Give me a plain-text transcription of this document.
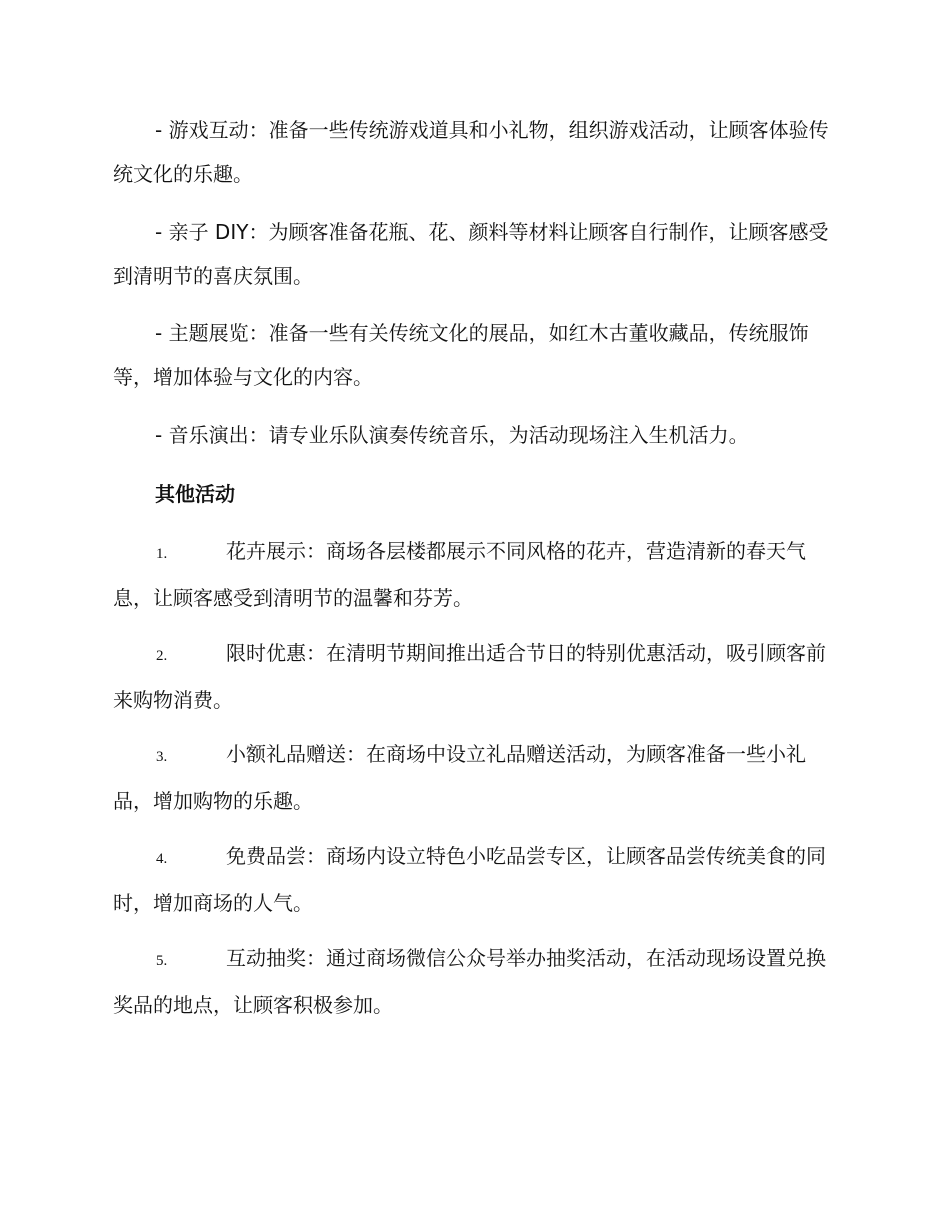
- 游戏互动：准备一些传统游戏道具和小礼物，组织游戏活动，让顾客体验传统文化的乐趣。

- 亲子 DIY：为顾客准备花瓶、花、颜料等材料让顾客自行制作，让顾客感受到清明节的喜庆氛围。

- 主题展览：准备一些有关传统文化的展品，如红木古董收藏品，传统服饰等，增加体验与文化的内容。

- 音乐演出：请专业乐队演奏传统音乐，为活动现场注入生机活力。

其他活动
1.	花卉展示：商场各层楼都展示不同风格的花卉，营造清新的春天气息，让顾客感受到清明节的温馨和芬芳。
2.	限时优惠：在清明节期间推出适合节日的特别优惠活动，吸引顾客前来购物消费。
3.	小额礼品赠送：在商场中设立礼品赠送活动，为顾客准备一些小礼品，增加购物的乐趣。
4.	免费品尝：商场内设立特色小吃品尝专区，让顾客品尝传统美食的同时，增加商场的人气。
5.	互动抽奖：通过商场微信公众号举办抽奖活动，在活动现场设置兑换奖品的地点，让顾客积极参加。
